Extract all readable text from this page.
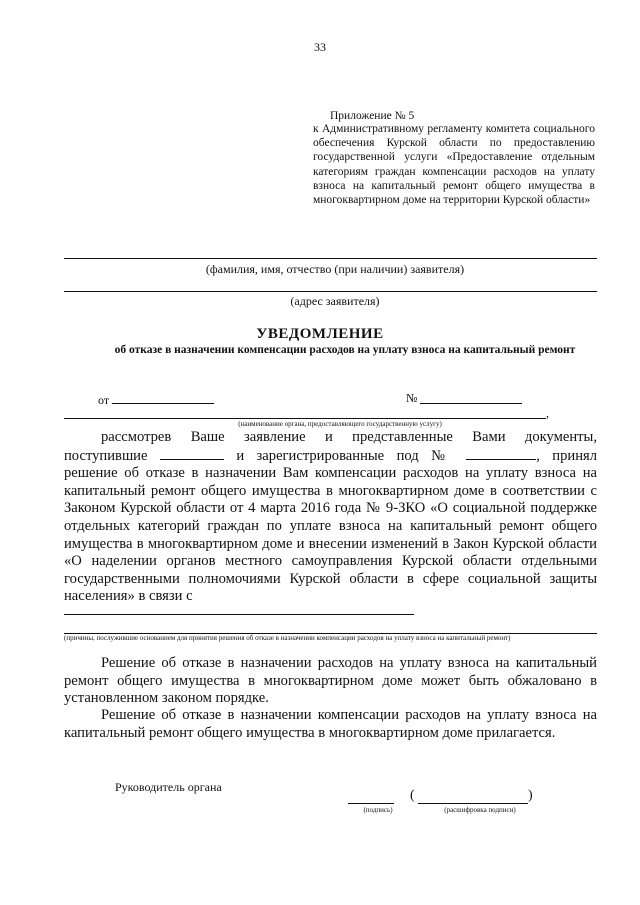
33
Приложение № 5
к Административному регламенту комитета социального обеспечения Курской области по предоставлению государственной услуги «Предоставление отдельным категориям граждан компенсации расходов на уплату взноса на капитальный ремонт общего имущества в многоквартирном доме на территории Курской области»
(фамилия, имя, отчество (при наличии) заявителя)
(адрес заявителя)
УВЕДОМЛЕНИЕ
об отказе в назначении компенсации расходов на уплату взноса на капитальный ремонт
от	№
,
(наименование органа, предоставляющего государственную услугу)

рассмотрев Ваше заявление и представленные Вами документы,

поступившие	и зарегистрированные под №	, принял

решение об отказе в назначении Вам компенсации расходов на уплату взноса на капитальный ремонт общего имущества в многоквартирном доме в соответствии с Законом Курской области от 4 марта 2016 года № 9-ЗКО «О социальной поддержке отдельных категорий граждан по уплате взноса на капитальный ремонт общего имущества в многоквартирном доме и внесении изменений в Закон Курской области «О наделении органов местного самоуправления Курской области отдельными государственными полномочиями Курской области в сфере социальной защиты населения» в связи с

(причины, послужившие основанием для принятия решения об отказе в назначении компенсации расходов на уплату взноса на капитальный ремонт)
Решение об отказе в назначении расходов на уплату взноса на капитальный ремонт общего имущества в многоквартирном доме может быть обжаловано в установленном законом порядке.
Решение об отказе в назначении компенсации расходов на уплату взноса на капитальный ремонт общего имущества в многоквартирном доме прилагается.
Руководитель органа
(	)
(подпись)	(расшифровка подписи)
